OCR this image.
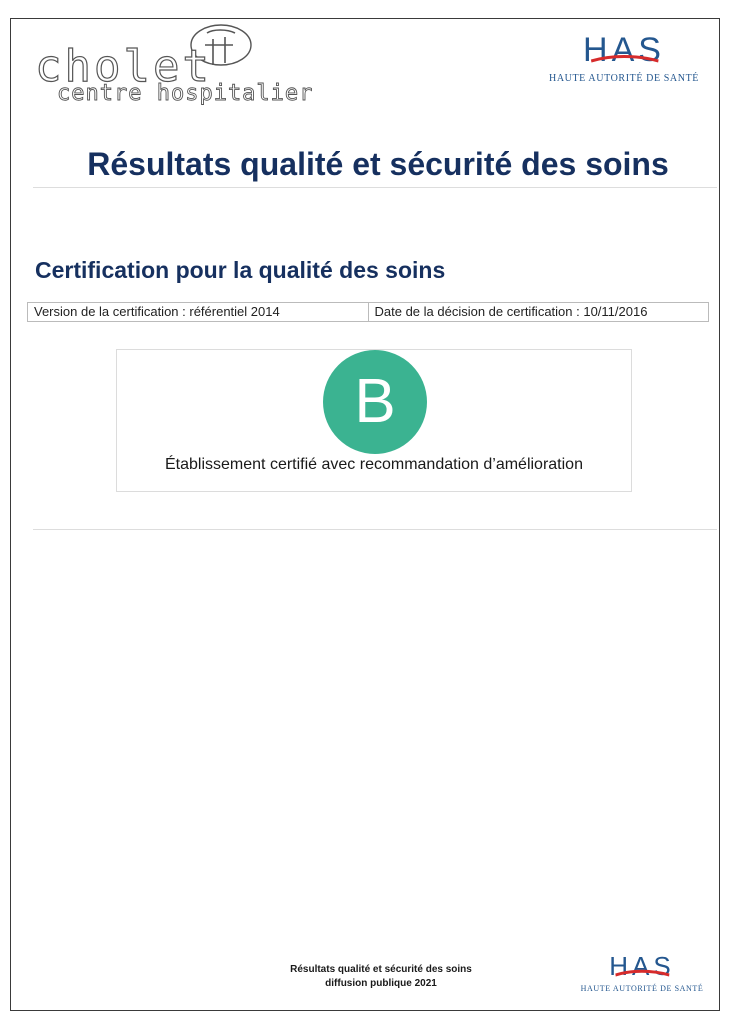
cholet
centre hospitalier
HAS
HAUTE AUTORITÉ DE SANTÉ
Résultats qualité et sécurité des soins
Certification pour la qualité des soins
Version de la certification : référentiel 2014	Date de la décision de certification : 10/11/2016
B
Établissement certifié avec recommandation d’amélioration
Résultats qualité et sécurité des soins
diffusion publique 2021
HAS
HAUTE AUTORITÉ DE SANTÉ
